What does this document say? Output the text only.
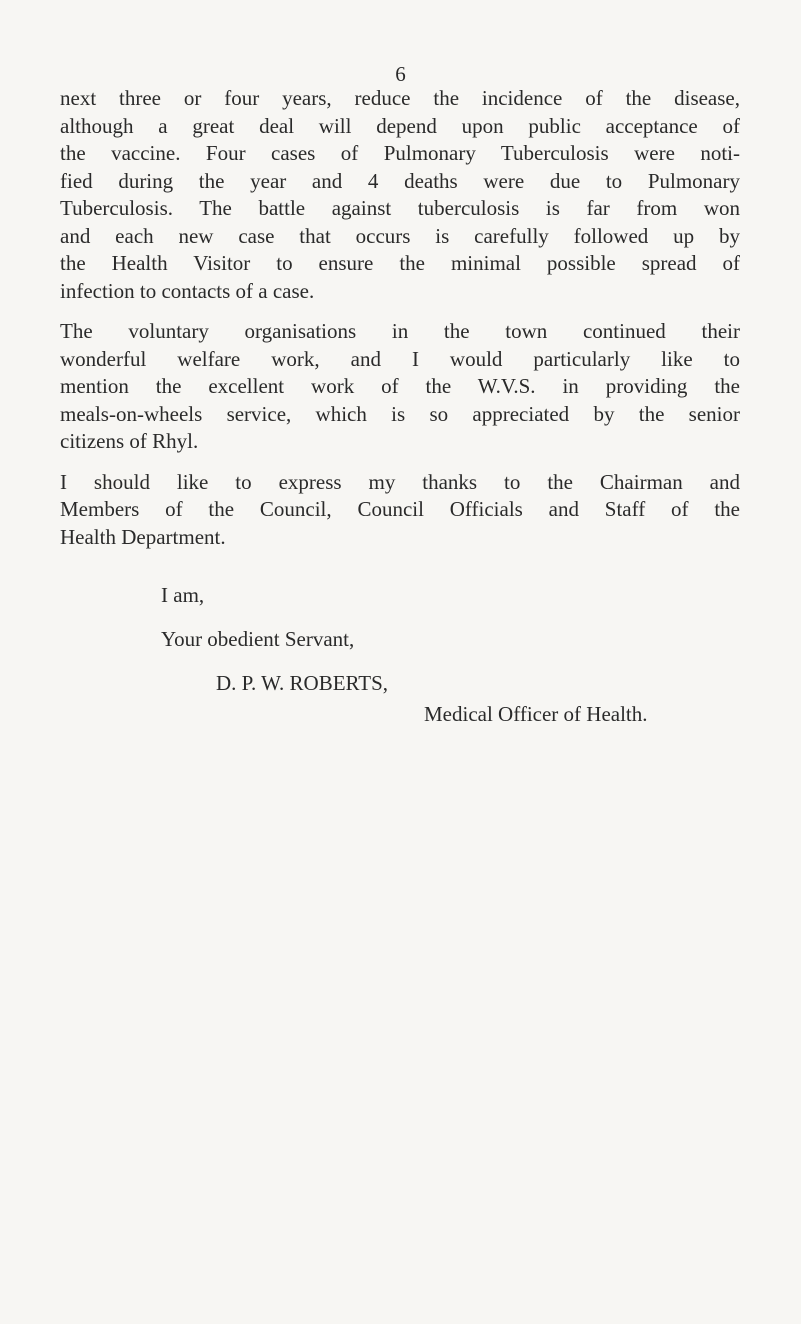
6

next three or four years, reduce the incidence of the disease,
although a great deal will depend upon public acceptance of
the vaccine. Four cases of Pulmonary Tuberculosis were noti-
fied during the year and 4 deaths were due to Pulmonary
Tuberculosis. The battle against tuberculosis is far from won
and each new case that occurs is carefully followed up by
the Health Visitor to ensure the minimal possible spread of
infection to contacts of a case.

The voluntary organisations in the town continued their
wonderful welfare work, and I would particularly like to
mention the excellent work of the W.V.S. in providing the
meals-on-wheels service, which is so appreciated by the senior
citizens of Rhyl.

I should like to express my thanks to the Chairman and
Members of the Council, Council Officials and Staff of the
Health Department.

I am,
Your obedient Servant,
D. P. W. ROBERTS,
Medical Officer of Health.
